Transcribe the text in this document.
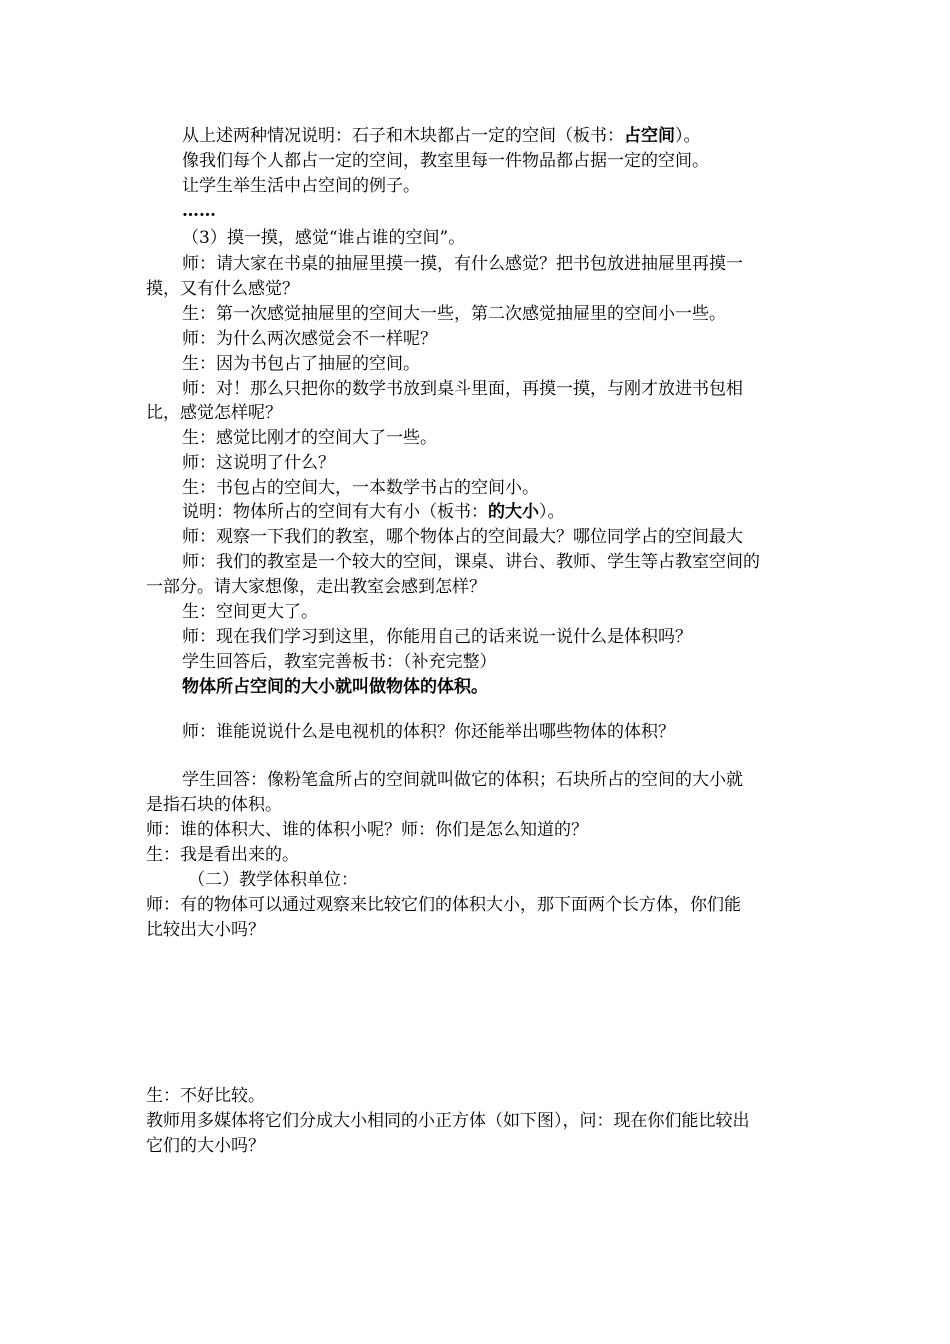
从上述两种情况说明：石子和木块都占一定的空间（板书：占空间）。
像我们每个人都占一定的空间，教室里每一件物品都占据一定的空间。
让学生举生活中占空间的例子。
……
（3）摸一摸，感觉“谁占谁的空间”。
师：请大家在书桌的抽屉里摸一摸，有什么感觉？把书包放进抽屉里再摸一
摸，又有什么感觉？
生：第一次感觉抽屉里的空间大一些，第二次感觉抽屉里的空间小一些。
师：为什么两次感觉会不一样呢？
生：因为书包占了抽屉的空间。
师：对！那么只把你的数学书放到桌斗里面，再摸一摸，与刚才放进书包相
比，感觉怎样呢？
生：感觉比刚才的空间大了一些。
师：这说明了什么？
生：书包占的空间大，一本数学书占的空间小。
说明：物体所占的空间有大有小（板书：的大小）。
师：观察一下我们的教室，哪个物体占的空间最大？哪位同学占的空间最大
师：我们的教室是一个较大的空间，课桌、讲台、教师、学生等占教室空间的
一部分。请大家想像，走出教室会感到怎样？
生：空间更大了。
师：现在我们学习到这里，你能用自己的话来说一说什么是体积吗？
学生回答后，教室完善板书：（补充完整）
物体所占空间的大小就叫做物体的体积。
师：谁能说说什么是电视机的体积？你还能举出哪些物体的体积？
学生回答：像粉笔盒所占的空间就叫做它的体积；石块所占的空间的大小就
是指石块的体积。
师：谁的体积大、谁的体积小呢？师：你们是怎么知道的？
生：我是看出来的。
（二）教学体积单位：
师：有的物体可以通过观察来比较它们的体积大小，那下面两个长方体，你们能
比较出大小吗？
生：不好比较。
教师用多媒体将它们分成大小相同的小正方体（如下图），问：现在你们能比较出
它们的大小吗？
